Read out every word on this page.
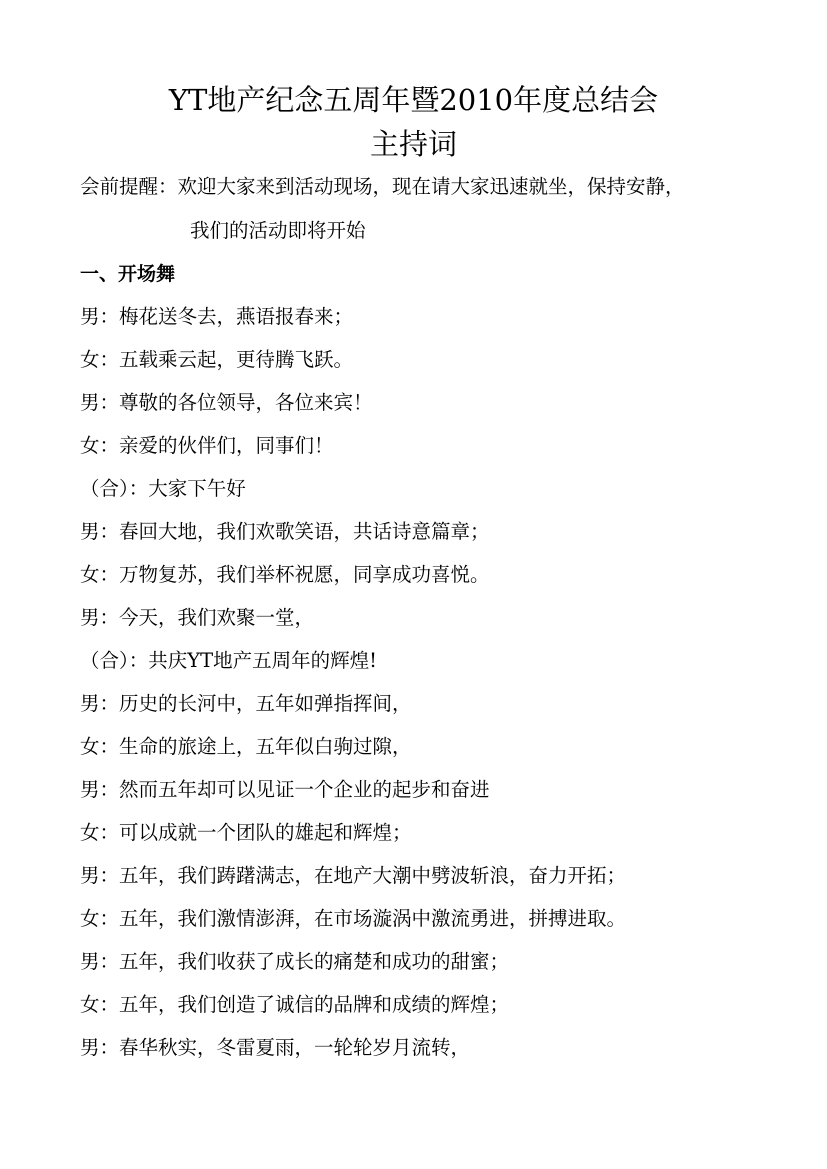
YT地产纪念五周年暨2010年度总结会
主持词
会前提醒：欢迎大家来到活动现场，现在请大家迅速就坐，保持安静，
我们的活动即将开始
一、开场舞
男：梅花送冬去，燕语报春来；
女：五载乘云起，更待腾飞跃。
男：尊敬的各位领导，各位来宾！
女：亲爱的伙伴们，同事们！
（合）：大家下午好
男：春回大地，我们欢歌笑语，共话诗意篇章；
女：万物复苏，我们举杯祝愿，同享成功喜悦。
男：今天，我们欢聚一堂，
（合）：共庆YT地产五周年的辉煌!
男：历史的长河中，五年如弹指挥间，
女：生命的旅途上，五年似白驹过隙，
男：然而五年却可以见证一个企业的起步和奋进
女：可以成就一个团队的雄起和辉煌；
男：五年，我们踌躇满志，在地产大潮中劈波斩浪，奋力开拓；
女：五年，我们激情澎湃，在市场漩涡中激流勇进，拼搏进取。
男：五年，我们收获了成长的痛楚和成功的甜蜜；
女：五年，我们创造了诚信的品牌和成绩的辉煌；
男：春华秋实，冬雷夏雨，一轮轮岁月流转，
